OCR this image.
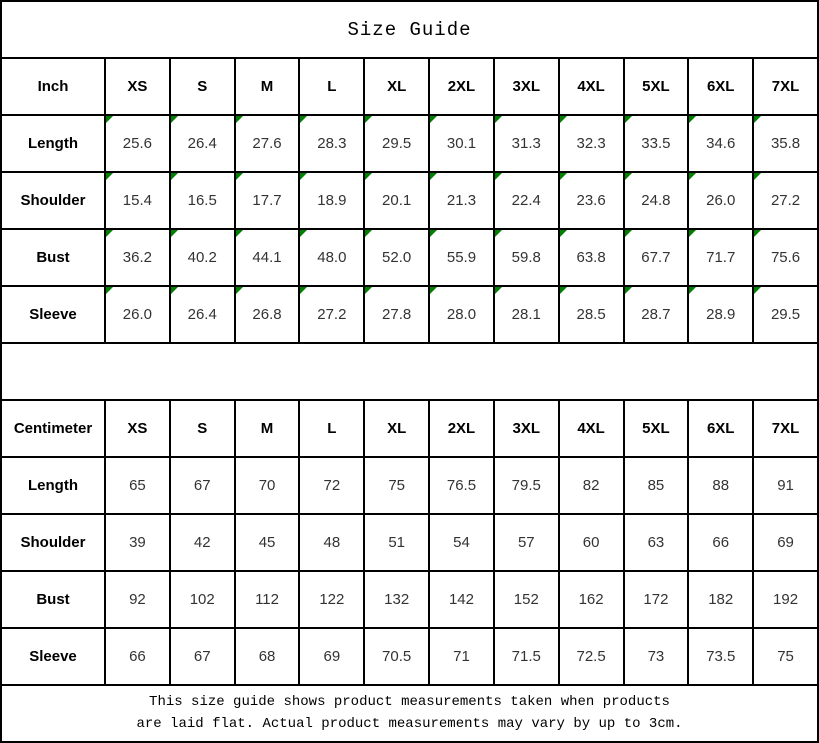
Size Guide											
Inch	XS	S	M	L	XL	2XL	3XL	4XL	5XL	6XL	7XL
Length	25.6	26.4	27.6	28.3	29.5	30.1	31.3	32.3	33.5	34.6	35.8

Shoulder	15.4	16.5	17.7	18.9	20.1	21.3	22.4	23.6	24.8	26.0	27.2

Bust	36.2	40.2	44.1	48.0	52.0	55.9	59.8	63.8	67.7	71.7	75.6

Sleeve	26.0	26.4	26.8	27.2	27.8	28.0	28.1	28.5	28.7	28.9	29.5

Centimeter	XS	S	M	L	XL	2XL	3XL	4XL	5XL	6XL	7XL
Length	65	67	70	72	75	76.5	79.5	82	85	88	91
Shoulder	39	42	45	48	51	54	57	60	63	66	69
Bust	92	102	112	122	132	142	152	162	172	182	192
Sleeve	66	67	68	69	70.5	71	71.5	72.5	73	73.5	75

This size guide shows product measurements taken when products
are laid flat. Actual product measurements may vary by up to 3cm.											
